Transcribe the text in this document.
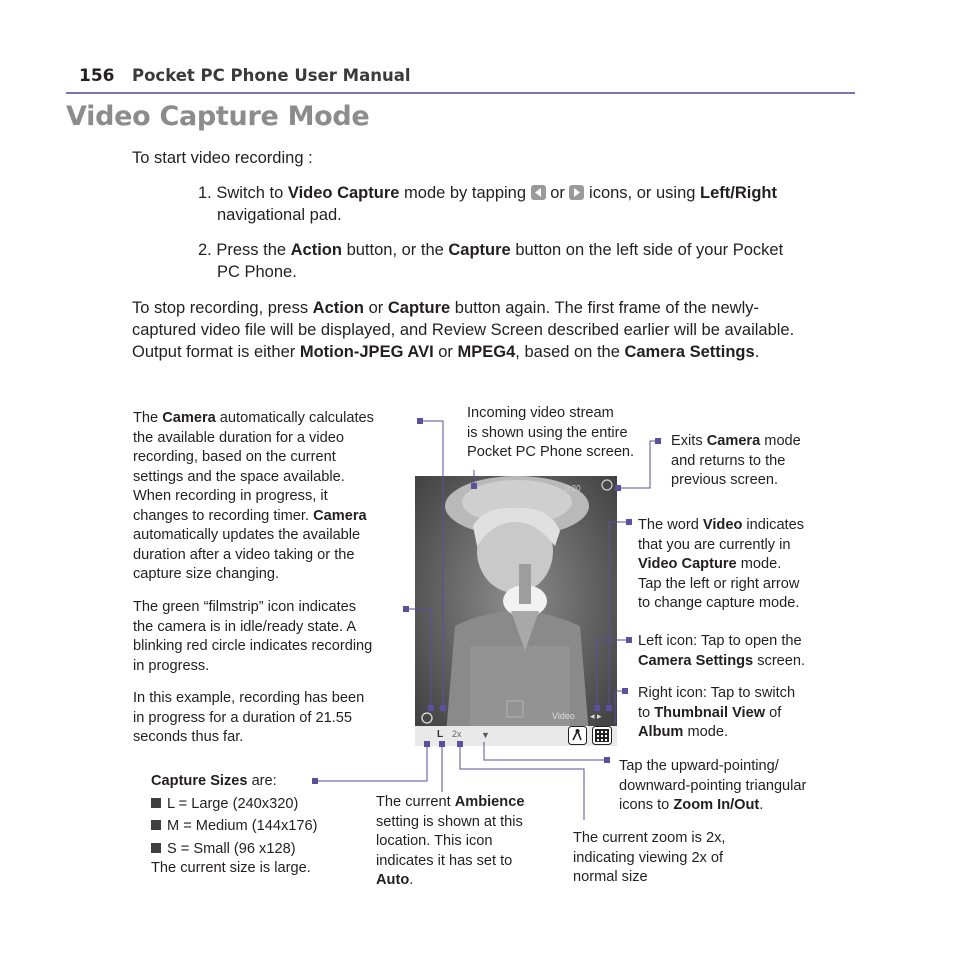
156 Pocket PC Phone User Manual
Video Capture Mode
To start video recording :
1. Switch to Video Capture mode by tapping  or  icons, or using Left/Right
navigational pad.
2. Press the Action button, or the Capture button on the left side of your Pocket
PC Phone.
To stop recording, press Action or Capture button again. The first frame of the newly-
captured video file will be displayed, and Review Screen described earlier will be available.
Output format is either Motion-JPEG AVI or MPEG4, based on the Camera Settings.
0:20
Video ◂ ▸
L 2x ▼
The Camera automatically calculates
the available duration for a video
recording, based on the current
settings and the space available.
When recording in progress, it
changes to recording timer. Camera
automatically updates the available
duration after a video taking or the
capture size changing.
The green “filmstrip” icon indicates
the camera is in idle/ready state. A
blinking red circle indicates recording
in progress.
In this example, recording has been
in progress for a duration of 21.55
seconds thus far.
Incoming video stream
is shown using the entire
Pocket PC Phone screen.
Exits Camera mode
and returns to the
previous screen.
The word Video indicates
that you are currently in
Video Capture mode.
Tap the left or right arrow
to change capture mode.
Left icon: Tap to open the
Camera Settings screen.
Right icon: Tap to switch
to Thumbnail View of
Album mode.
Tap the upward-pointing/
downward-pointing triangular
icons to Zoom In/Out.
Capture Sizes are:
L = Large (240x320)
M = Medium (144x176)
S = Small (96 x128)
The current size is large.
The current Ambience
setting is shown at this
location. This icon
indicates it has set to
Auto.
The current zoom is 2x,
indicating viewing 2x of
normal size
